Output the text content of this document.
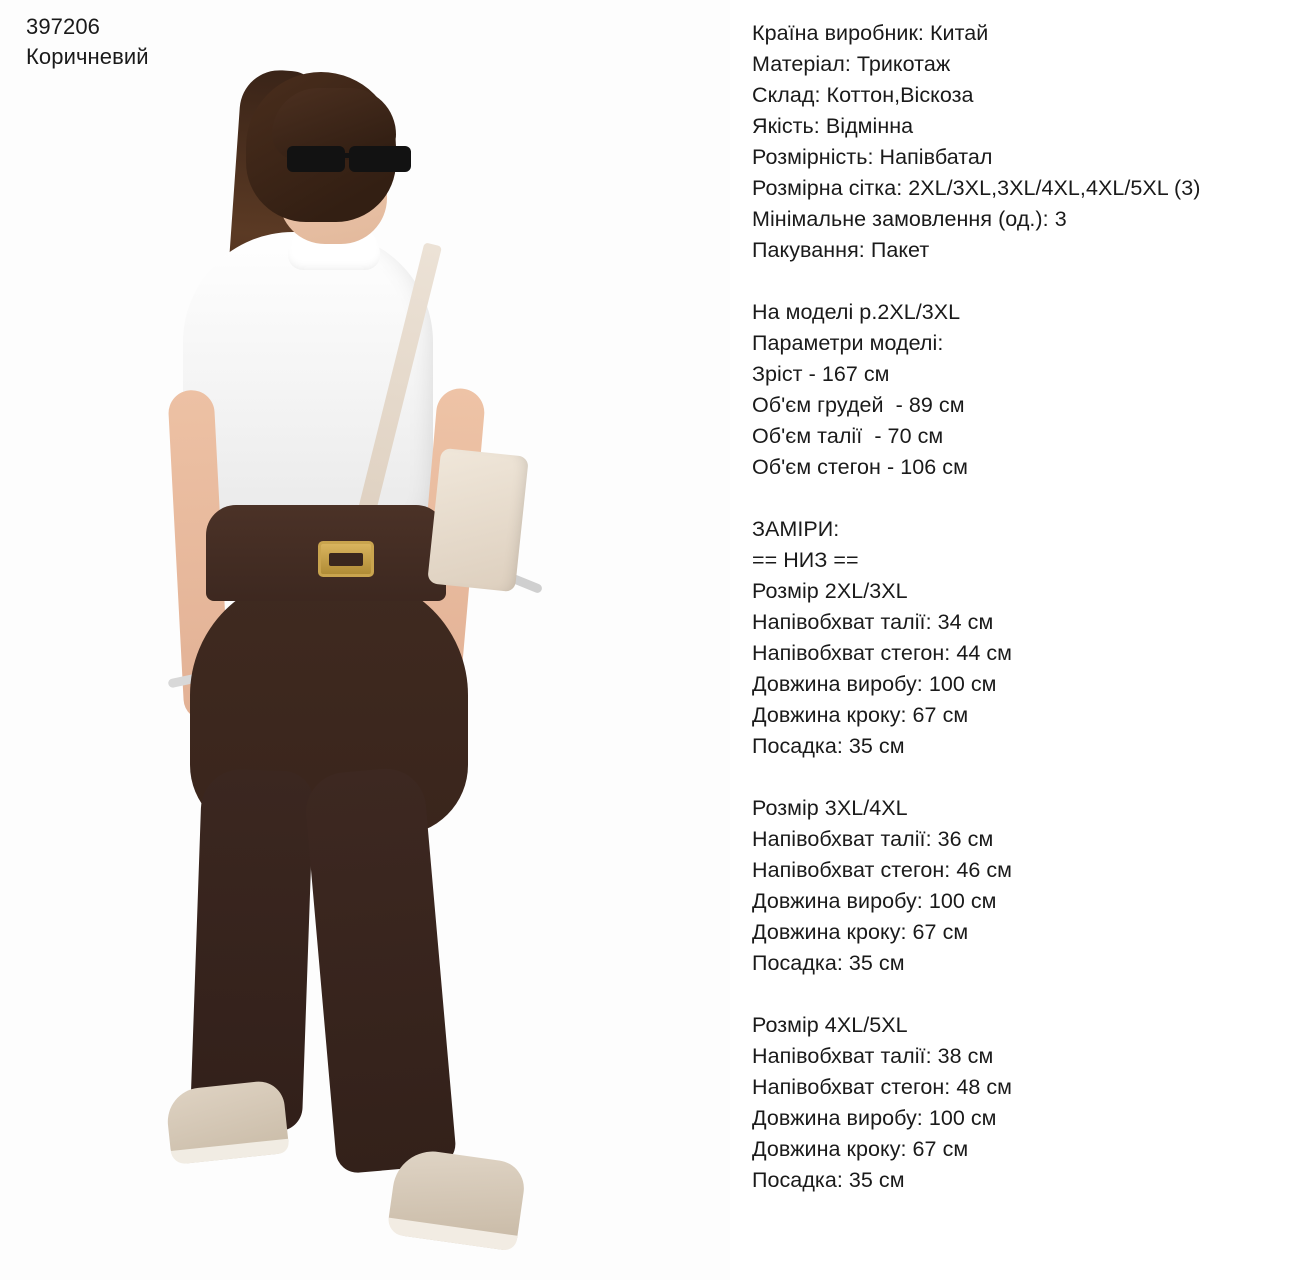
397206
Коричневий
Країна виробник: Китай
Матеріал: Трикотаж
Склад: Коттон,Віскоза
Якість: Відмінна
Розмірність: Напівбатал
Розмірна сітка: 2XL/3XL,3XL/4XL,4XL/5XL (3)
Мінімальне замовлення (од.): 3
Пакування: Пакет
На моделі р.2XL/3XL
Параметри моделі:
Зріст - 167 см
Об'єм грудей  - 89 см
Об'єм талії  - 70 см
Об'єм стегон - 106 см
ЗАМІРИ:
== НИЗ ==
Розмір 2XL/3XL
Напівобхват талії: 34 см
Напівобхват стегон: 44 см
Довжина виробу: 100 см
Довжина кроку: 67 см
Посадка: 35 см
Розмір 3XL/4XL
Напівобхват талії: 36 см
Напівобхват стегон: 46 см
Довжина виробу: 100 см
Довжина кроку: 67 см
Посадка: 35 см
Розмір 4XL/5XL
Напівобхват талії: 38 см
Напівобхват стегон: 48 см
Довжина виробу: 100 см
Довжина кроку: 67 см
Посадка: 35 см
